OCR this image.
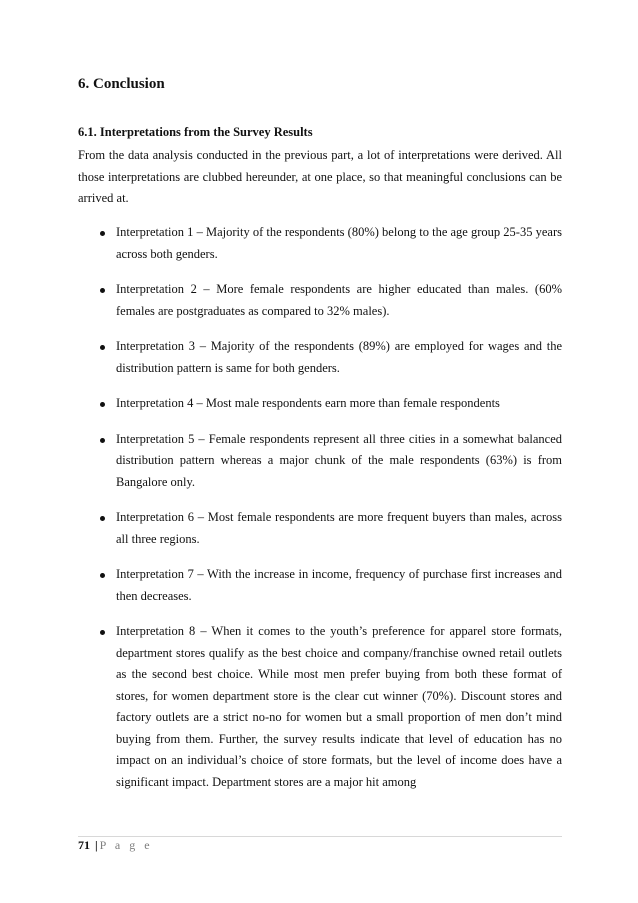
6. Conclusion
6.1. Interpretations from the Survey Results

From the data analysis conducted in the previous part, a lot of interpretations were derived. All those interpretations are clubbed hereunder, at one place, so that meaningful conclusions can be arrived at.

Interpretation 1 – Majority of the respondents (80%) belong to the age group 25-35 years across both genders.
Interpretation 2 – More female respondents are higher educated than males. (60% females are postgraduates as compared to 32% males).
Interpretation 3 – Majority of the respondents (89%) are employed for wages and the distribution pattern is same for both genders.
Interpretation 4 – Most male respondents earn more than female respondents
Interpretation 5 – Female respondents represent all three cities in a somewhat balanced distribution pattern whereas a major chunk of the male respondents (63%) is from Bangalore only.
Interpretation 6 – Most female respondents are more frequent buyers than males, across all three regions.
Interpretation 7 – With the increase in income, frequency of purchase first increases and then decreases.
Interpretation 8 – When it comes to the youth’s preference for apparel store formats, department stores qualify as the best choice and company/franchise owned retail outlets as the second best choice. While most men prefer buying from both these format of stores, for women department store is the clear cut winner (70%). Discount stores and factory outlets are a strict no-no for women but a small proportion of men don’t mind buying from them. Further, the survey results indicate that level of education has no impact on an individual’s choice of store formats, but the level of income does have a significant impact. Department stores are a major hit among

71 | P a g e
